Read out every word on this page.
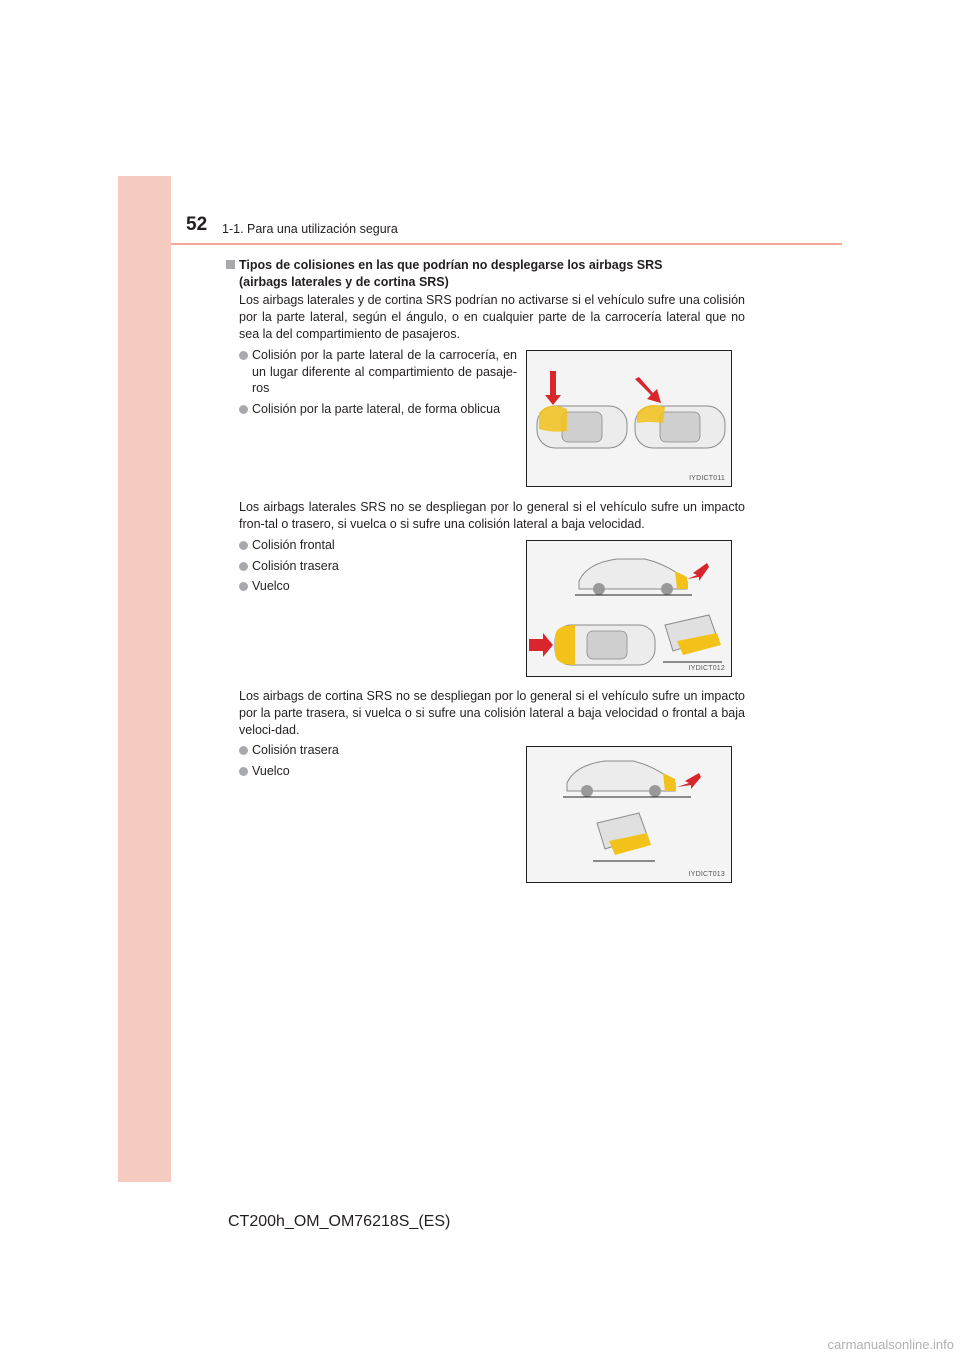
52 1-1. Para una utilización segura
Tipos de colisiones en las que podrían no desplegarse los airbags SRS
(airbags laterales y de cortina SRS)
Los airbags laterales y de cortina SRS podrían no activarse si el vehículo sufre una colisión por la parte lateral, según el ángulo, o en cualquier parte de la carrocería lateral que no sea la del compartimiento de pasajeros.
Colisión por la parte lateral de la carrocería, en un lugar diferente al compartimiento de pasaje-ros
Colisión por la parte lateral, de forma oblicua
IYDICT011
Los airbags laterales SRS no se despliegan por lo general si el vehículo sufre un impacto fron-tal o trasero, si vuelca o si sufre una colisión lateral a baja velocidad.
Colisión frontal
Colisión trasera
Vuelco
IYDICT012
Los airbags de cortina SRS no se despliegan por lo general si el vehículo sufre un impacto por la parte trasera, si vuelca o si sufre una colisión lateral a baja velocidad o frontal a baja veloci-dad.
Colisión trasera
Vuelco
IYDICT013
CT200h_OM_OM76218S_(ES)
carmanualsonline.info
